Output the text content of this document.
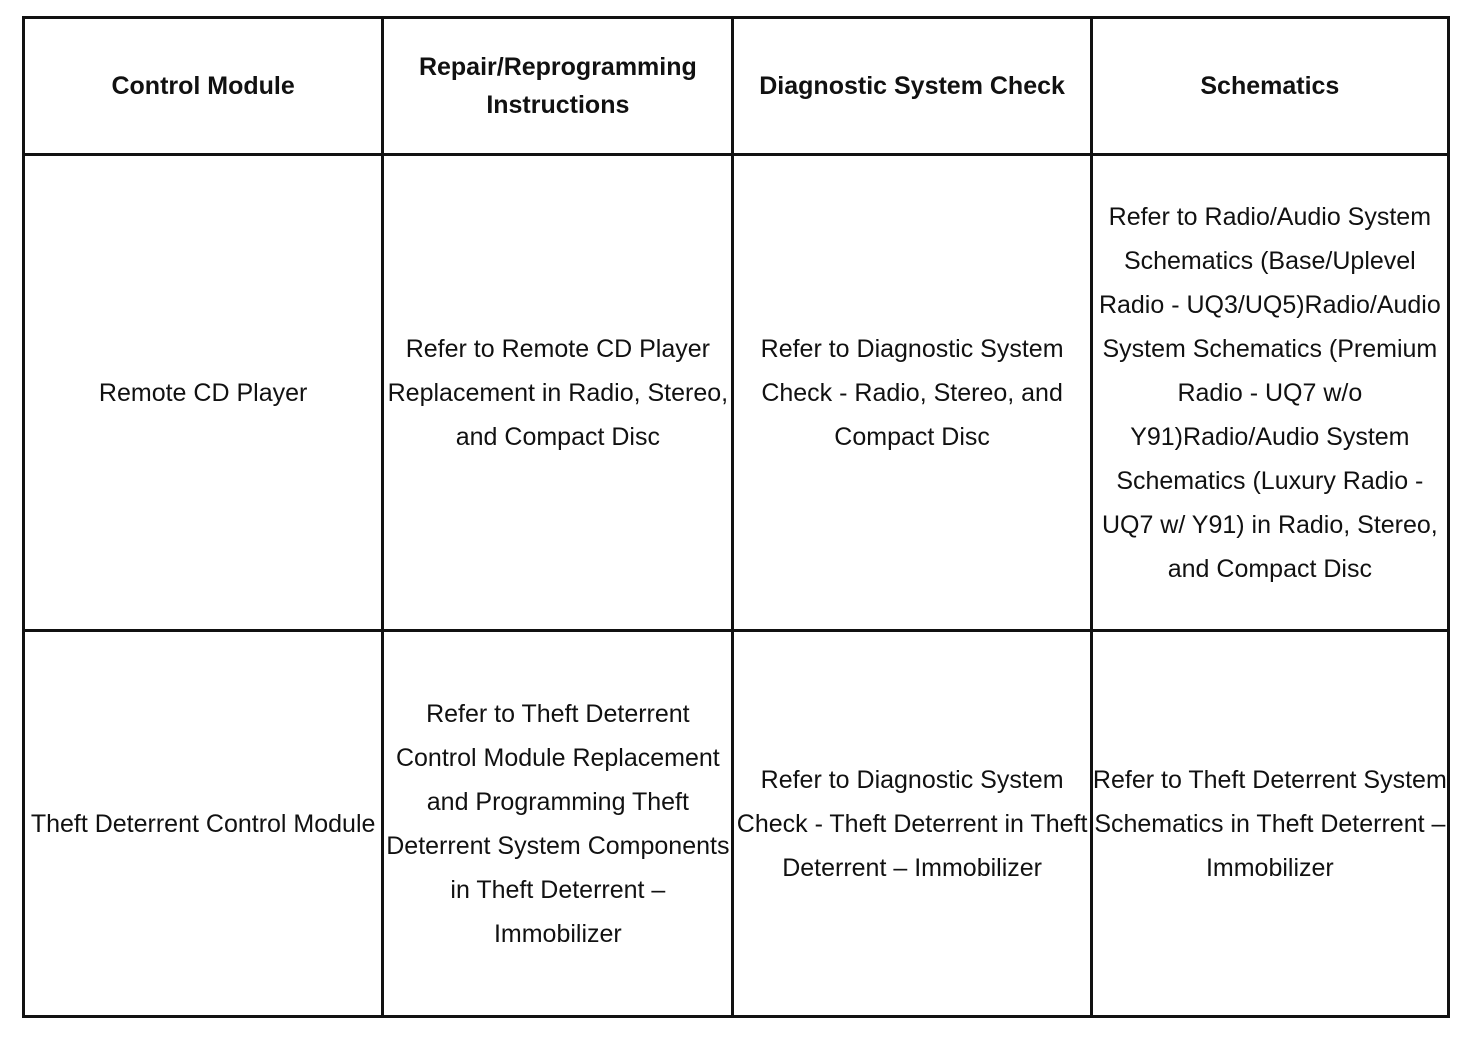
Control Module	Repair/Reprogramming Instructions	Diagnostic System Check	Schematics
Remote CD Player	Refer to Remote CD Player Replacement in Radio, Stereo, and Compact Disc	Refer to Diagnostic System Check - Radio, Stereo, and Compact Disc	Refer to Radio/Audio System Schematics (Base/Uplevel Radio - UQ3/UQ5)Radio/Audio System Schematics (Premium Radio - UQ7 w/o Y91)Radio/Audio System Schematics (Luxury Radio - UQ7 w/ Y91) in Radio, Stereo, and Compact Disc
Theft Deterrent Control Module	Refer to Theft Deterrent Control Module Replacement and Programming Theft Deterrent System Components in Theft Deterrent – Immobilizer	Refer to Diagnostic System Check - Theft Deterrent in Theft Deterrent – Immobilizer	Refer to Theft Deterrent System Schematics in Theft Deterrent – Immobilizer
